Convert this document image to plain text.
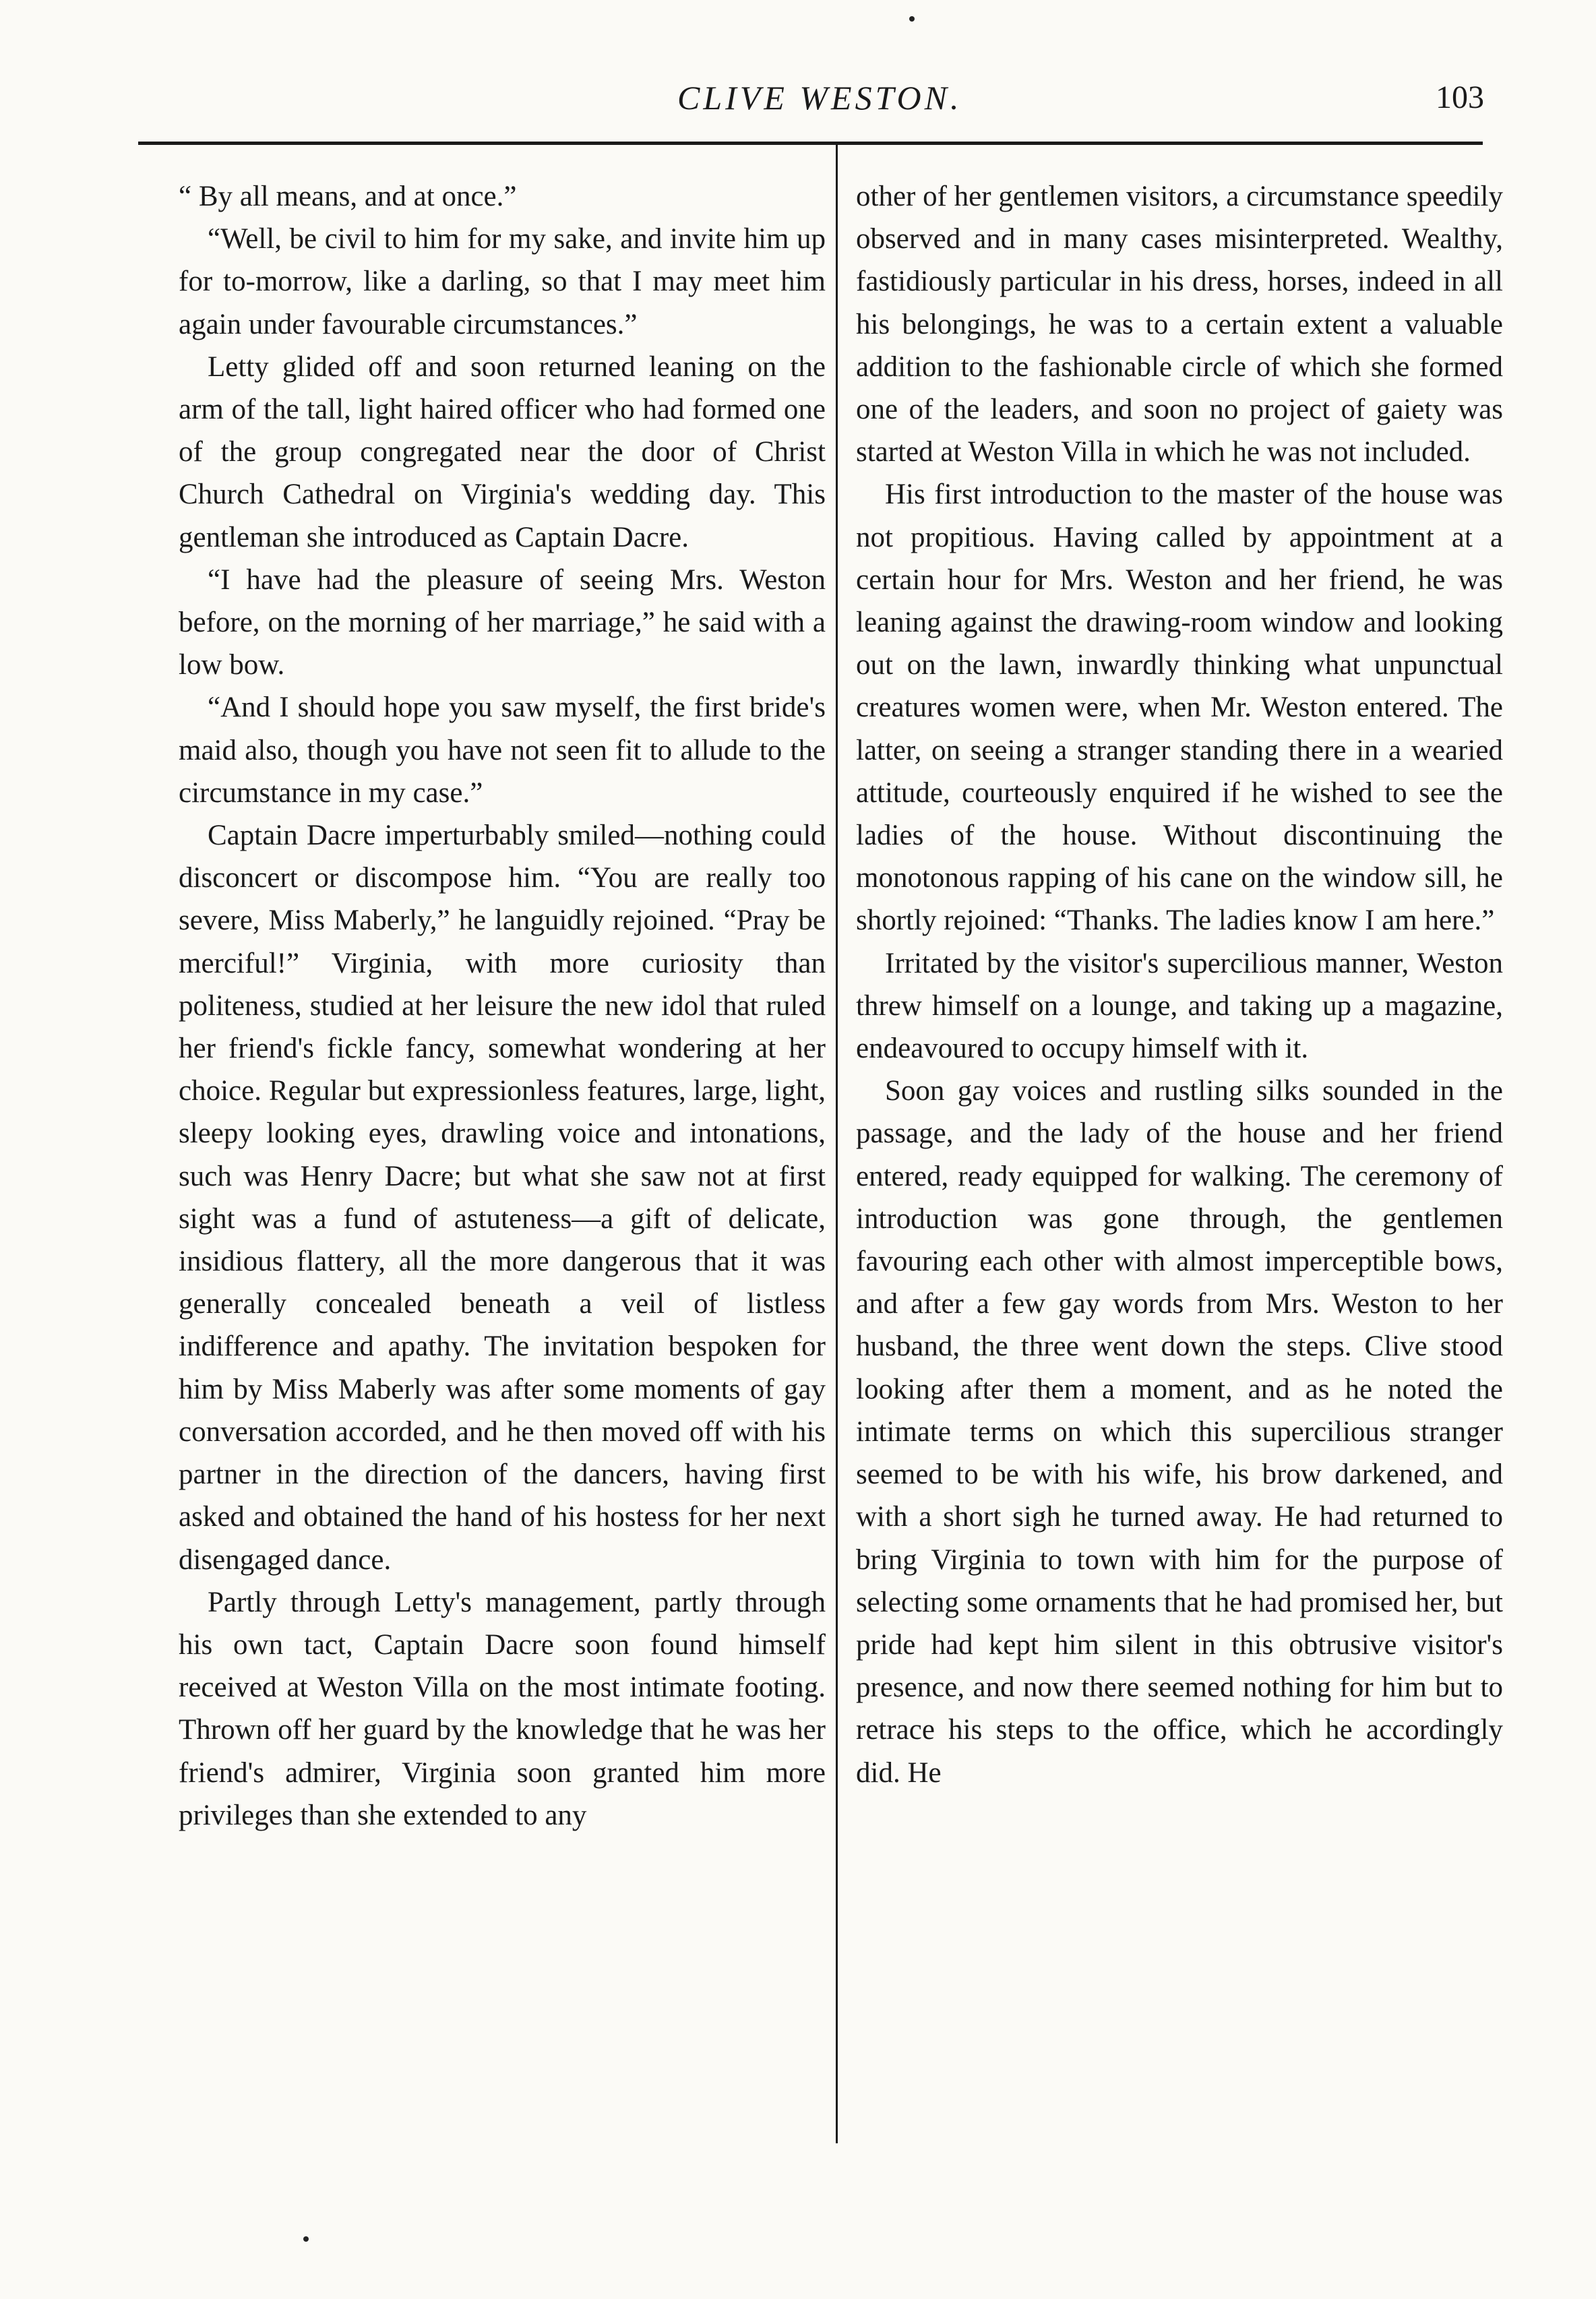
CLIVE WESTON.	103

“ By all means, and at once.”

“Well, be civil to him for my sake, and invite him up for to-morrow, like a darling, so that I may meet him again under favourable circumstances.”

Letty glided off and soon returned leaning on the arm of the tall, light haired officer who had formed one of the group congregated near the door of Christ Church Cathedral on Virginia's wedding day. This gentleman she introduced as Captain Dacre.

“I have had the pleasure of seeing Mrs. Weston before, on the morning of her marriage,” he said with a low bow.

“And I should hope you saw myself, the first bride's maid also, though you have not seen fit to allude to the circumstance in my case.”

Captain Dacre imperturbably smiled—nothing could disconcert or discompose him. “You are really too severe, Miss Maberly,” he languidly rejoined. “Pray be merciful!” Virginia, with more curiosity than politeness, studied at her leisure the new idol that ruled her friend's fickle fancy, somewhat wondering at her choice. Regular but expressionless features, large, light, sleepy looking eyes, drawling voice and intonations, such was Henry Dacre; but what she saw not at first sight was a fund of astuteness—a gift of delicate, insidious flattery, all the more dangerous that it was generally concealed beneath a veil of listless indifference and apathy. The invitation bespoken for him by Miss Maberly was after some moments of gay conversation accorded, and he then moved off with his partner in the direction of the dancers, having first asked and obtained the hand of his hostess for her next disengaged dance.

Partly through Letty's management, partly through his own tact, Captain Dacre soon found himself received at Weston Villa on the most intimate footing. Thrown off her guard by the knowledge that he was her friend's admirer, Virginia soon granted him more privileges than she extended to any

other of her gentlemen visitors, a circumstance speedily observed and in many cases misinterpreted. Wealthy, fastidiously particular in his dress, horses, indeed in all his belongings, he was to a certain extent a valuable addition to the fashionable circle of which she formed one of the leaders, and soon no project of gaiety was started at Weston Villa in which he was not included.

His first introduction to the master of the house was not propitious. Having called by appointment at a certain hour for Mrs. Weston and her friend, he was leaning against the drawing-room window and looking out on the lawn, inwardly thinking what unpunctual creatures women were, when Mr. Weston entered. The latter, on seeing a stranger standing there in a wearied attitude, courteously enquired if he wished to see the ladies of the house. Without discontinuing the monotonous rapping of his cane on the window sill, he shortly rejoined: “Thanks. The ladies know I am here.”

Irritated by the visitor's supercilious manner, Weston threw himself on a lounge, and taking up a magazine, endeavoured to occupy himself with it.

Soon gay voices and rustling silks sounded in the passage, and the lady of the house and her friend entered, ready equipped for walking. The ceremony of introduction was gone through, the gentlemen favouring each other with almost imperceptible bows, and after a few gay words from Mrs. Weston to her husband, the three went down the steps. Clive stood looking after them a moment, and as he noted the intimate terms on which this supercilious stranger seemed to be with his wife, his brow darkened, and with a short sigh he turned away. He had returned to bring Virginia to town with him for the purpose of selecting some ornaments that he had promised her, but pride had kept him silent in this obtrusive visitor's presence, and now there seemed nothing for him but to retrace his steps to the office, which he accordingly did. He
